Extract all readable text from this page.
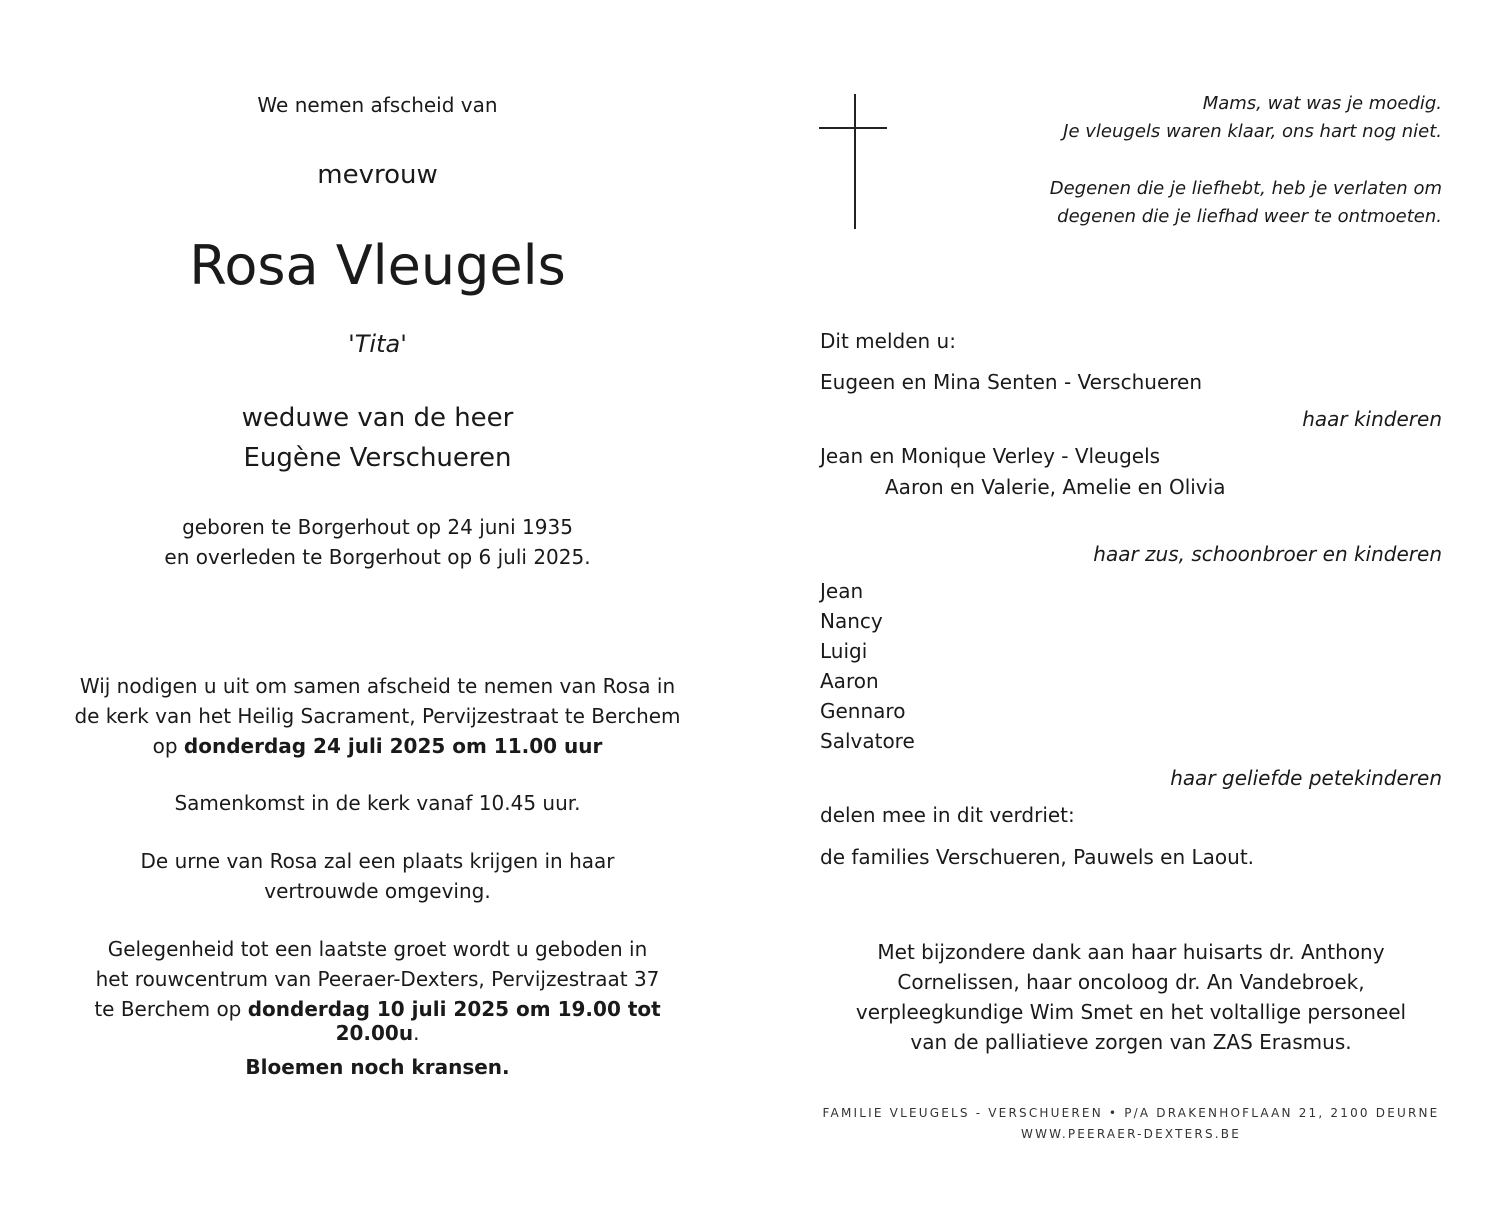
We nemen afscheid van
mevrouw
Rosa Vleugels
'Tita'
weduwe van de heer
Eugène Verschueren
geboren te Borgerhout op 24 juni 1935
en overleden te Borgerhout op 6 juli 2025.
Wij nodigen u uit om samen afscheid te nemen van Rosa in
de kerk van het Heilig Sacrament, Pervijzestraat te Berchem
op donderdag 24 juli 2025 om 11.00 uur
Samenkomst in de kerk vanaf 10.45 uur.
De urne van Rosa zal een plaats krijgen in haar
vertrouwde omgeving.
Gelegenheid tot een laatste groet wordt u geboden in
het rouwcentrum van Peeraer-Dexters, Pervijzestraat 37
te Berchem op donderdag 10 juli 2025 om 19.00 tot 20.00u.
Bloemen noch kransen.
Mams, wat was je moedig.
Je vleugels waren klaar, ons hart nog niet.
Degenen die je liefhebt, heb je verlaten om
degenen die je liefhad weer te ontmoeten.
Dit melden u:
Eugeen en Mina Senten - Verschueren
haar kinderen
Jean en Monique Verley - Vleugels
Aaron en Valerie, Amelie en Olivia
haar zus, schoonbroer en kinderen
Jean
Nancy
Luigi
Aaron
Gennaro
Salvatore
haar geliefde petekinderen
delen mee in dit verdriet:
de families Verschueren, Pauwels en Laout.
Met bijzondere dank aan haar huisarts dr. Anthony
Cornelissen, haar oncoloog dr. An Vandebroek,
verpleegkundige Wim Smet en het voltallige personeel
van de palliatieve zorgen van ZAS Erasmus.
FAMILIE VLEUGELS - VERSCHUEREN • P/A DRAKENHOFLAAN 21, 2100 DEURNE
WWW.PEERAER-DEXTERS.BE
